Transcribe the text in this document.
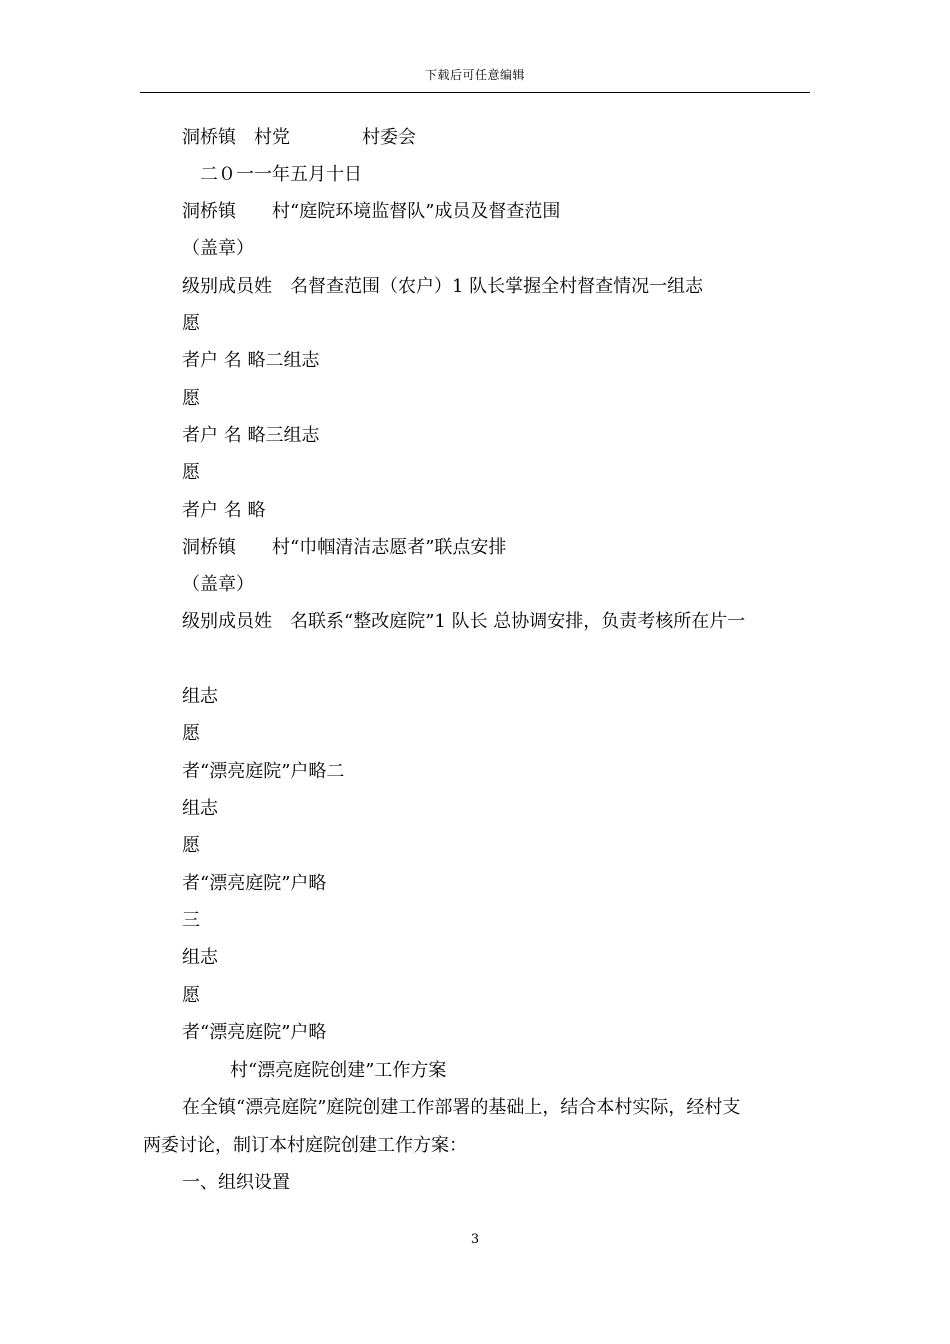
下载后可任意编辑
洞桥镇　村党　　　　村委会
二０一一年五月十日
洞桥镇　　村“庭院环境监督队”成员及督查范围
（盖章）
级别成员姓　名督查范围（农户）1 队长掌握全村督查情况一组志
愿
者户 名 略二组志
愿
者户 名 略三组志
愿
者户 名 略
洞桥镇　　村“巾帼清洁志愿者”联点安排
（盖章）
级别成员姓　名联系“整改庭院”1 队长 总协调安排，负责考核所在片一
组志
愿
者“漂亮庭院”户略二
组志
愿
者“漂亮庭院”户略
三
组志
愿
者“漂亮庭院”户略
村“漂亮庭院创建”工作方案
在全镇“漂亮庭院”庭院创建工作部署的基础上，结合本村实际，经村支
两委讨论，制订本村庭院创建工作方案：
一、组织设置
3
